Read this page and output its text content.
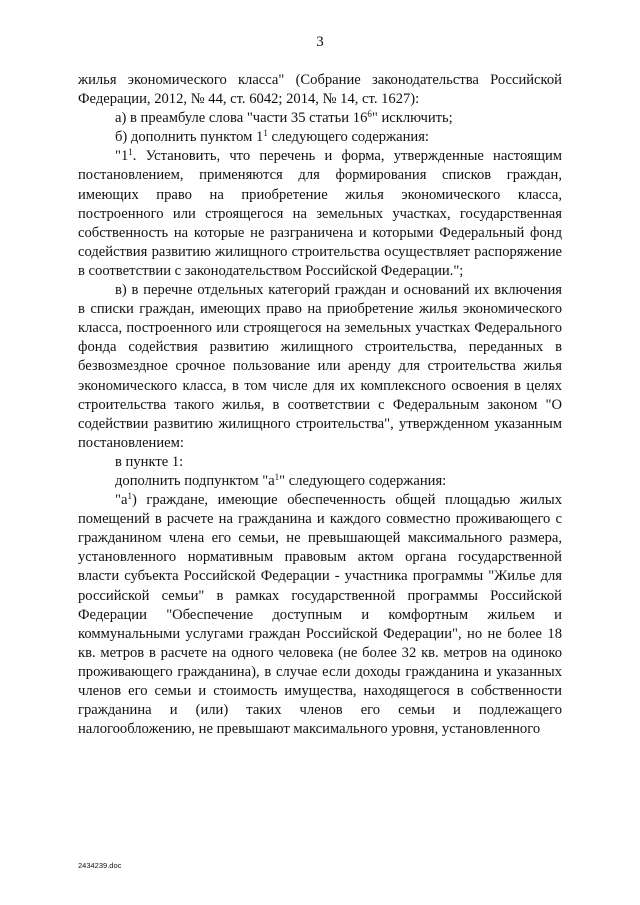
3

жилья экономического класса" (Собрание законодательства Российской Федерации, 2012, № 44, ст. 6042; 2014, № 14, ст. 1627):

а) в преамбуле слова "части 35 статьи $16^6$" исключить;

б) дополнить пунктом $1^1$ следующего содержания:

"$1^1$. Установить, что перечень и форма, утвержденные настоящим постановлением, применяются для формирования списков граждан, имеющих право на приобретение жилья экономического класса, построенного или строящегося на земельных участках, государственная собственность на которые не разграничена и которыми Федеральный фонд содействия развитию жилищного строительства осуществляет распоряжение в соответствии с законодательством Российской Федерации.";

в) в перечне отдельных категорий граждан и оснований их включения в списки граждан, имеющих право на приобретение жилья экономического класса, построенного или строящегося на земельных участках Федерального фонда содействия развитию жилищного строительства, переданных в безвозмездное срочное пользование или аренду для строительства жилья экономического класса, в том числе для их комплексного освоения в целях строительства такого жилья, в соответствии с Федеральным законом "О содействии развитию жилищного строительства", утвержденном указанным постановлением:

в пункте 1:

дополнить подпунктом "$а^1$" следующего содержания:

"$а^1$) граждане, имеющие обеспеченность общей площадью жилых помещений в расчете на гражданина и каждого совместно проживающего с гражданином члена его семьи, не превышающей максимального размера, установленного нормативным правовым актом органа государственной власти субъекта Российской Федерации - участника программы "Жилье для российской семьи" в рамках государственной программы Российской Федерации "Обеспечение доступным и комфортным жильем и коммунальными услугами граждан Российской Федерации", но не более 18 кв. метров в расчете на одного человека (не более 32 кв. метров на одиноко проживающего гражданина), в случае если доходы гражданина и указанных членов его семьи и стоимость имущества, находящегося в собственности гражданина и (или) таких членов его семьи и подлежащего налогообложению, не превышают максимального уровня, установленного

2434239.doc
